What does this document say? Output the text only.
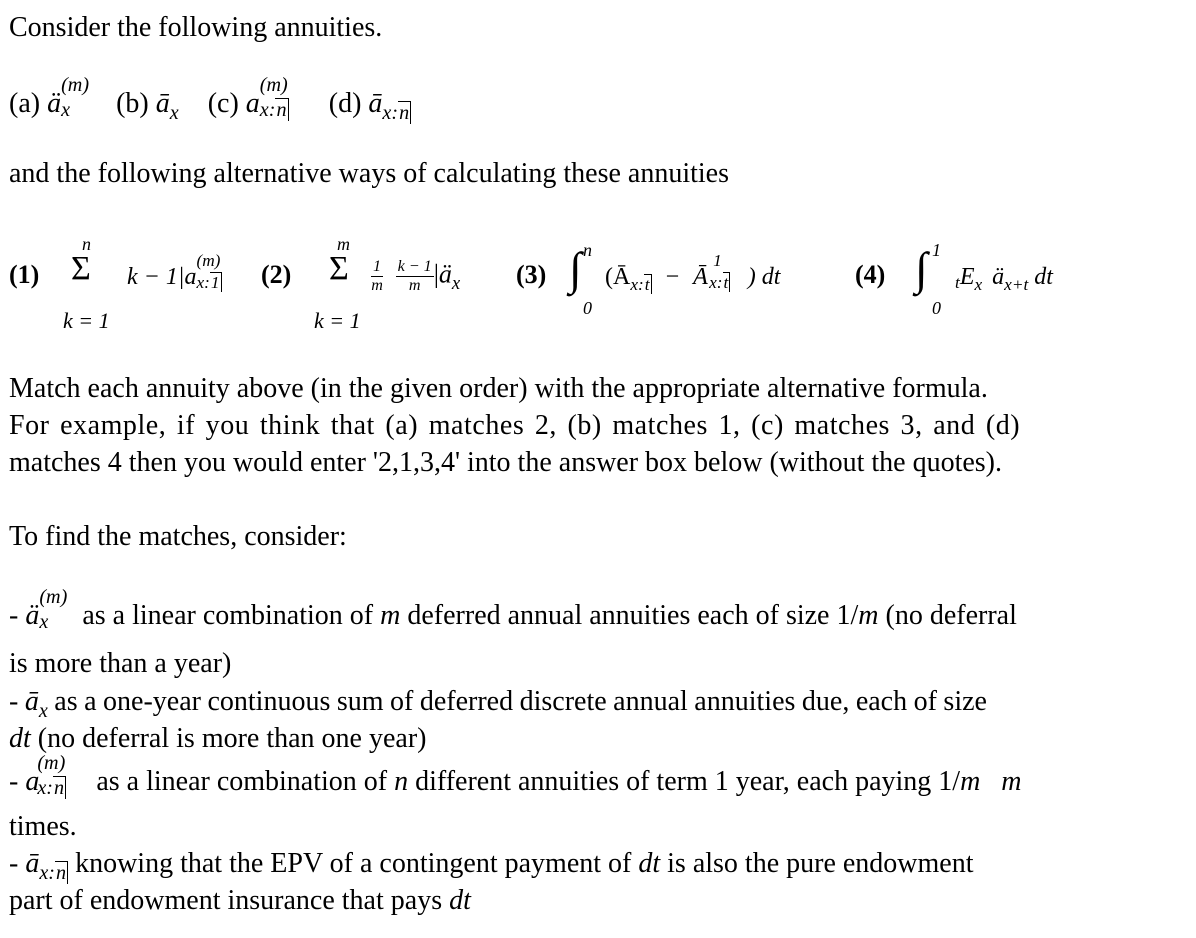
Consider the following annuities.
(a) ä
(m)
x (b) $ā_x$ (c) a
(m)
x:n (d) $ā_{x:n}$
and the following alternative ways of calculating these annuities
(1)
n
Σ
k = 1
k − 1|a
(m)
x:1 (2)
m
Σ
k = 1
$\frac{1}{m}$
$\frac{k - 1}{m}$ $|ä_x$ (3)
n
∫
0
($Ā_{x:t}$ − Ā
1
x:t ) dt	(4)
1
∫
0
$tE_x$ $ä_{x+t}$ dt
Match each annuity above (in the given order) with the appropriate alternative formula.
For example, if you think that (a) matches 2, (b) matches 1, (c) matches 3, and (d)
matches 4 then you would enter '2,1,3,4' into the answer box below (without the quotes).
To find the matches, consider:
- ä
(m)
x as a linear combination of m deferred annual annuities each of size 1/m (no deferral
is more than a year)
- $ā_x$ as a one-year continuous sum of deferred discrete annual annuities due, each of size
dt (no deferral is more than one year)
- a
(m)
x:n as a linear combination of n different annuities of term 1 year, each paying 1/m m
times.
- $ā_{x:n}$ knowing that the EPV of a contingent payment of dt is also the pure endowment
part of endowment insurance that pays dt
